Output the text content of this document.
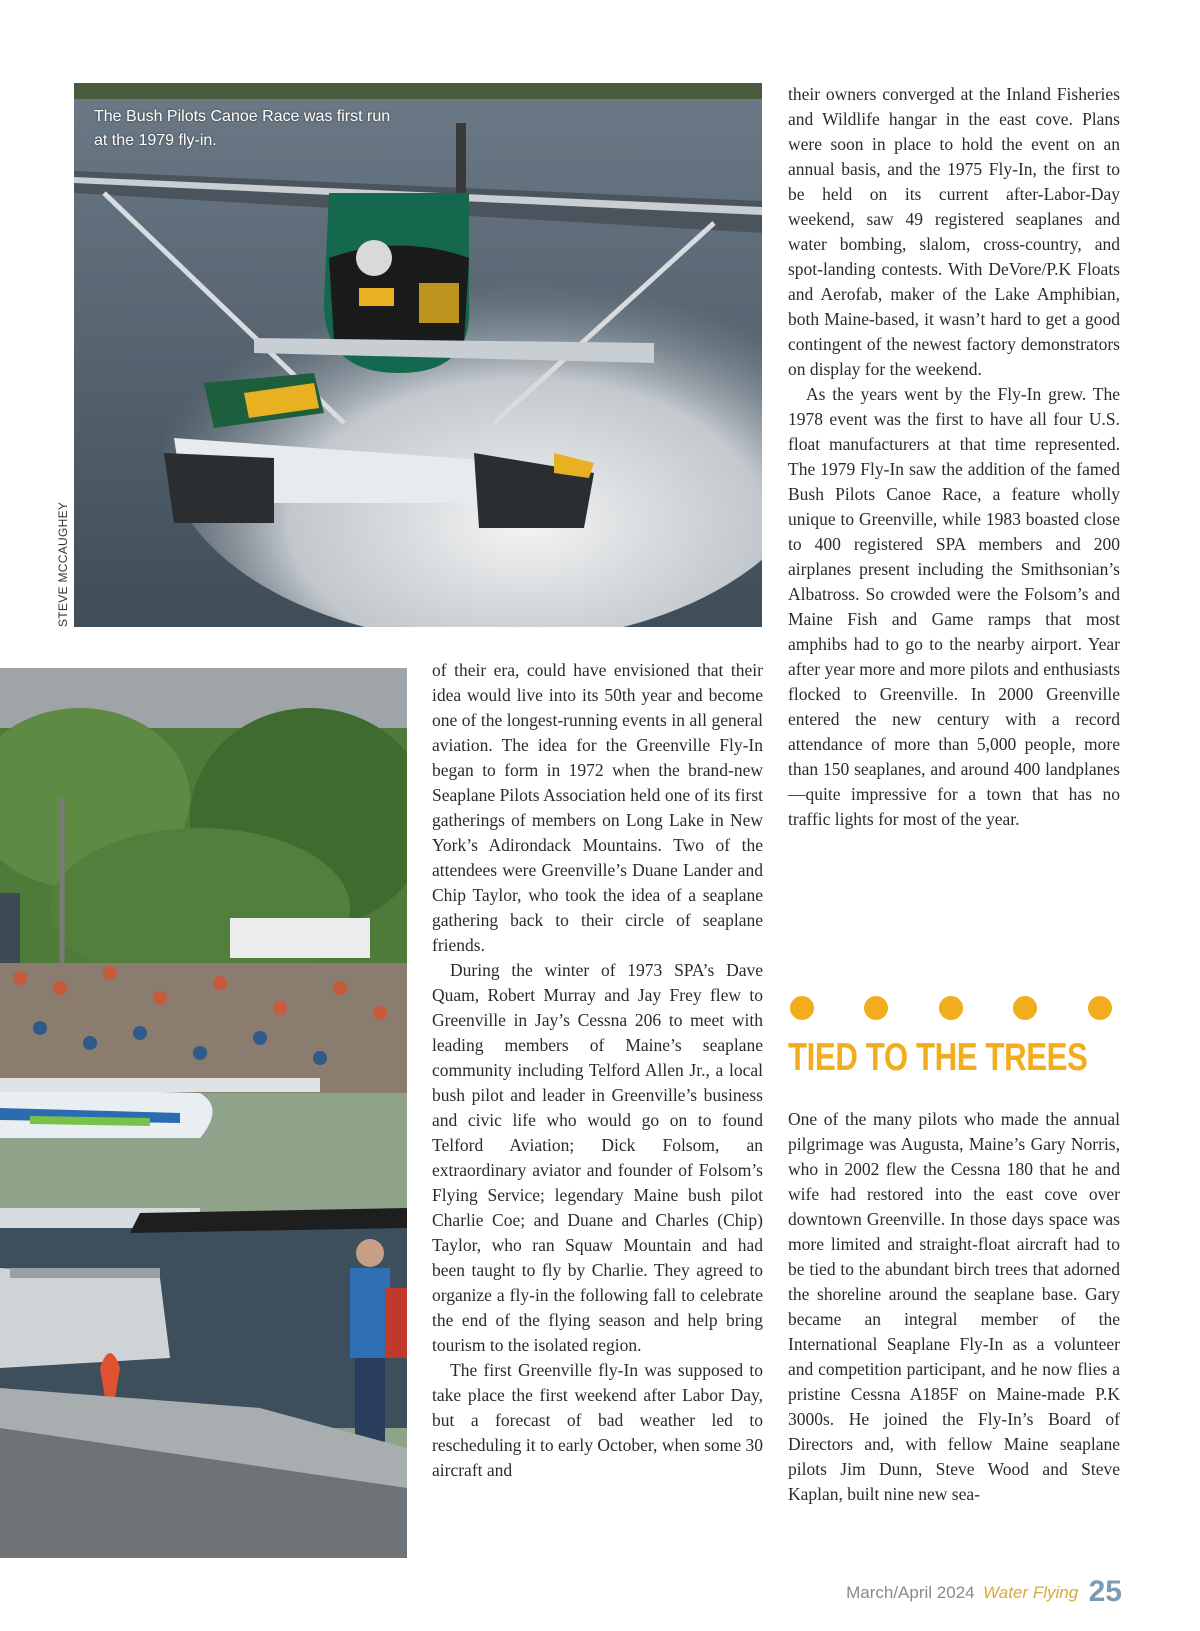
The Bush Pilots Canoe Race was first run at the 1979 fly-in.
STEVE MCCAUGHEY

of their era, could have envisioned that their idea would live into its 50th year and become one of the longest-running events in all general aviation. The idea for the Greenville Fly-In began to form in 1972 when the brand-new Seaplane Pilots Association held one of its first gatherings of members on Long Lake in New York’s Adirondack Mountains. Two of the attendees were Greenville’s Duane Lander and Chip Taylor, who took the idea of a seaplane gathering back to their circle of seaplane friends.

During the winter of 1973 SPA’s Dave Quam, Robert Murray and Jay Frey flew to Greenville in Jay’s Cessna 206 to meet with leading members of Maine’s seaplane community including Telford Allen Jr., a local bush pilot and leader in Greenville’s business and civic life who would go on to found Telford Aviation; Dick Folsom, an extraordinary aviator and founder of Folsom’s Flying Service; legendary Maine bush pilot Charlie Coe; and Duane and Charles (Chip) Taylor, who ran Squaw Mountain and had been taught to fly by Charlie. They agreed to organize a fly-in the following fall to celebrate the end of the flying season and help bring tourism to the isolated region.

The first Greenville fly-In was supposed to take place the first weekend after Labor Day, but a forecast of bad weather led to rescheduling it to early October, when some 30 aircraft and

their owners converged at the Inland Fisheries and Wildlife hangar in the east cove. Plans were soon in place to hold the event on an annual basis, and the 1975 Fly-In, the first to be held on its current after-Labor-Day weekend, saw 49 registered seaplanes and water bombing, slalom, cross-country, and spot-landing contests. With DeVore/​P.K Floats and Aerofab, maker of the Lake Amphibian, both Maine-based, it wasn’t hard to get a good contingent of the newest factory demonstrators on display for the weekend.

As the years went by the Fly-In grew. The 1978 event was the first to have all four U.S. float manufacturers at that time represented. The 1979 Fly-In saw the addition of the famed Bush Pilots Canoe Race, a feature wholly unique to Greenville, while 1983 boasted close to 400 registered SPA members and 200 airplanes present including the Smithsonian’s Albatross. So crowded were the Folsom’s and Maine Fish and Game ramps that most amphibs had to go to the nearby airport. Year after year more and more pilots and enthusiasts flocked to Greenville. In 2000 Greenville entered the new century with a record attendance of more than 5,000 people, more than 150 seaplanes, and around 400 landplanes—quite impressive for a town that has no traffic lights for most of the year.

TIED TO THE TREES

One of the many pilots who made the annual pilgrimage was Augusta, Maine’s Gary Norris, who in 2002 flew the Cessna 180 that he and wife had restored into the east cove over downtown Greenville. In those days space was more limited and straight-float aircraft had to be tied to the abundant birch trees that adorned the shoreline around the seaplane base. Gary became an integral member of the International Seaplane Fly-In as a volunteer and competition participant, and he now flies a pristine Cessna A185F on Maine-made P.K 3000s. He joined the Fly-In’s Board of Directors and, with fellow Maine seaplane pilots Jim Dunn, Steve Wood and Steve Kaplan, built nine new sea-

March/April 2024 Water Flying 25
